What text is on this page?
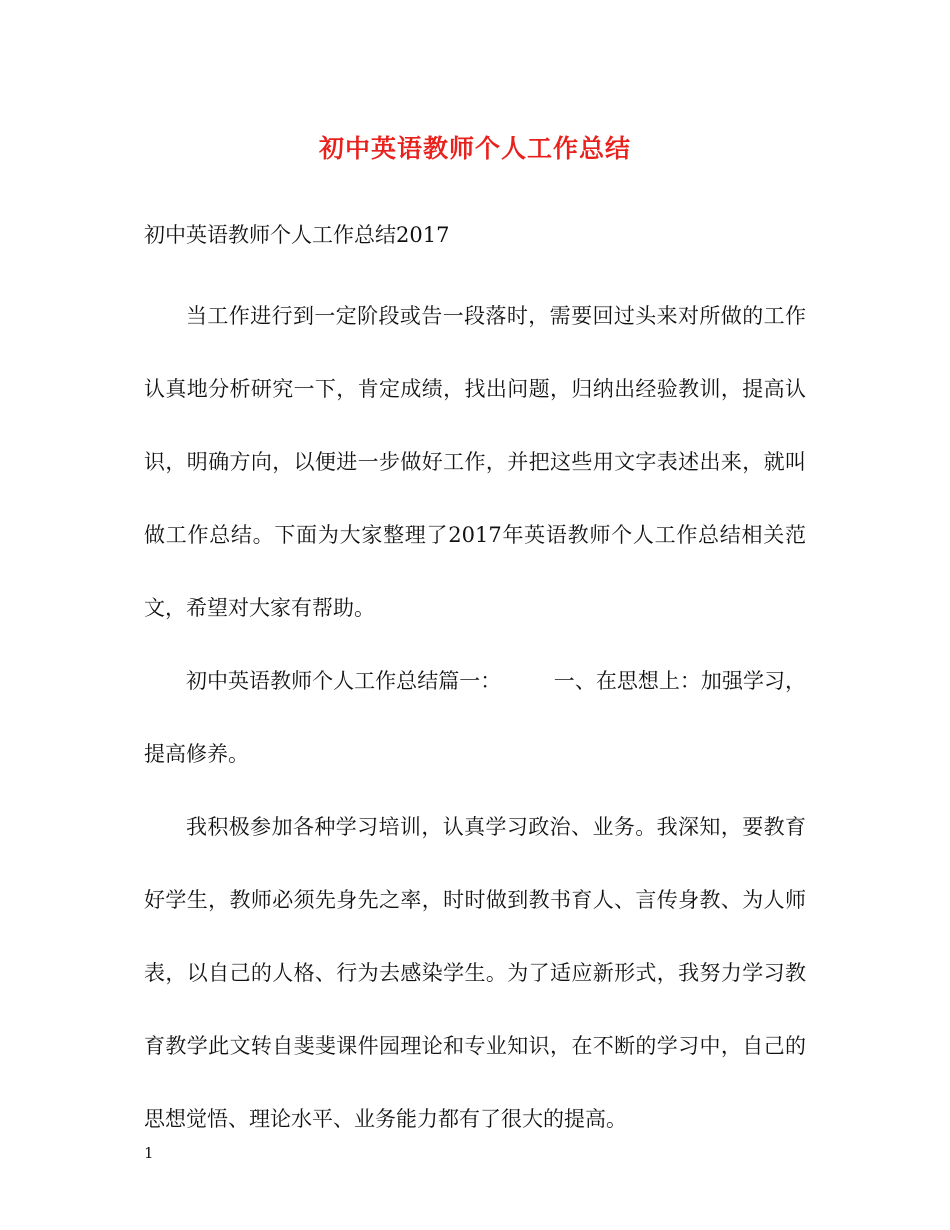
初中英语教师个人工作总结

初中英语教师个人工作总结2017

当工作进行到一定阶段或告一段落时，需要回过头来对所做的工作认真地分析研究一下，肯定成绩，找出问题，归纳出经验教训，提高认识，明确方向，以便进一步做好工作，并把这些用文字表述出来，就叫做工作总结。下面为大家整理了2017年英语教师个人工作总结相关范文，希望对大家有帮助。

初中英语教师个人工作总结篇一：　　　一、在思想上：加强学习，提高修养。

我积极参加各种学习培训，认真学习政治、业务。我深知，要教育好学生，教师必须先身先之率，时时做到教书育人、言传身教、为人师表，以自己的人格、行为去感染学生。为了适应新形式，我努力学习教育教学此文转自斐斐课件园理论和专业知识，在不断的学习中，自己的思想觉悟、理论水平、业务能力都有了很大的提高。

1
